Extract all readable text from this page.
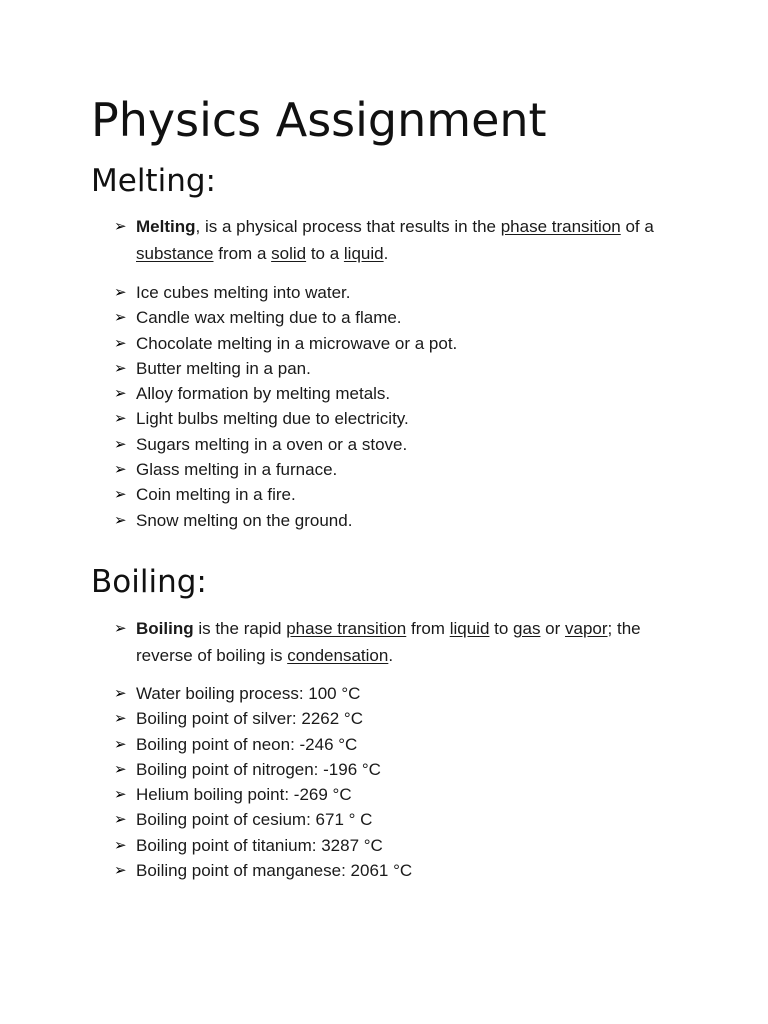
Physics Assignment
Melting:
➢ Melting, is a physical process that results in the phase transition of a substance from a solid to a liquid.
➢ Ice cubes melting into water.
➢ Candle wax melting due to a flame.
➢ Chocolate melting in a microwave or a pot.
➢ Butter melting in a pan.
➢ Alloy formation by melting metals.
➢ Light bulbs melting due to electricity.
➢ Sugars melting in a oven or a stove.
➢ Glass melting in a furnace.
➢ Coin melting in a fire.
➢ Snow melting on the ground.
Boiling:
➢ Boiling is the rapid phase transition from liquid to gas or vapor; the reverse of boiling is condensation.
➢ Water boiling process: 100 °C
➢ Boiling point of silver: 2262 °C
➢ Boiling point of neon: -246 °C
➢ Boiling point of nitrogen: -196 °C
➢ Helium boiling point: -269 °C
➢ Boiling point of cesium: 671 ° C
➢ Boiling point of titanium: 3287 °C
➢ Boiling point of manganese: 2061 °C
